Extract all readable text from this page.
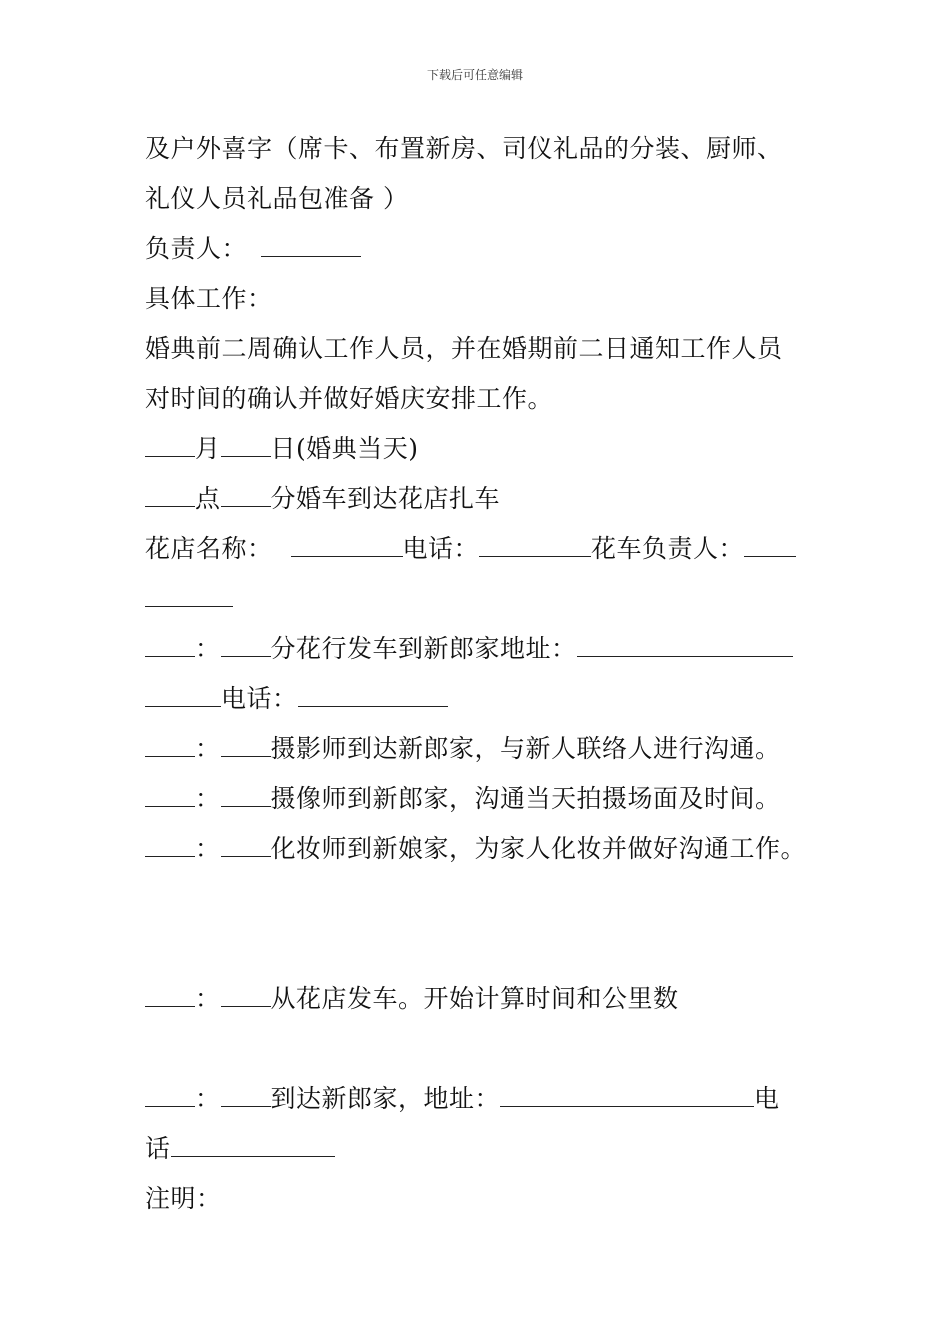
下载后可任意编辑
及户外喜字（席卡、布置新房、司仪礼品的分装、厨师、
礼仪人员礼品包准备 ）
负责人：
具体工作：
婚典前二周确认工作人员，并在婚期前二日通知工作人员
对时间的确认并做好婚庆安排工作。
月 日(婚典当天)
点 分婚车到达花店扎车
花店名称：	电话：	花车负责人：
： 分花行发车到新郎家地址：
电话：
： 摄影师到达新郎家，与新人联络人进行沟通。
： 摄像师到新郎家，沟通当天拍摄场面及时间。
： 化妆师到新娘家，为家人化妆并做好沟通工作。
： 从花店发车。开始计算时间和公里数
： 到达新郎家，地址：	电
话
注明：
